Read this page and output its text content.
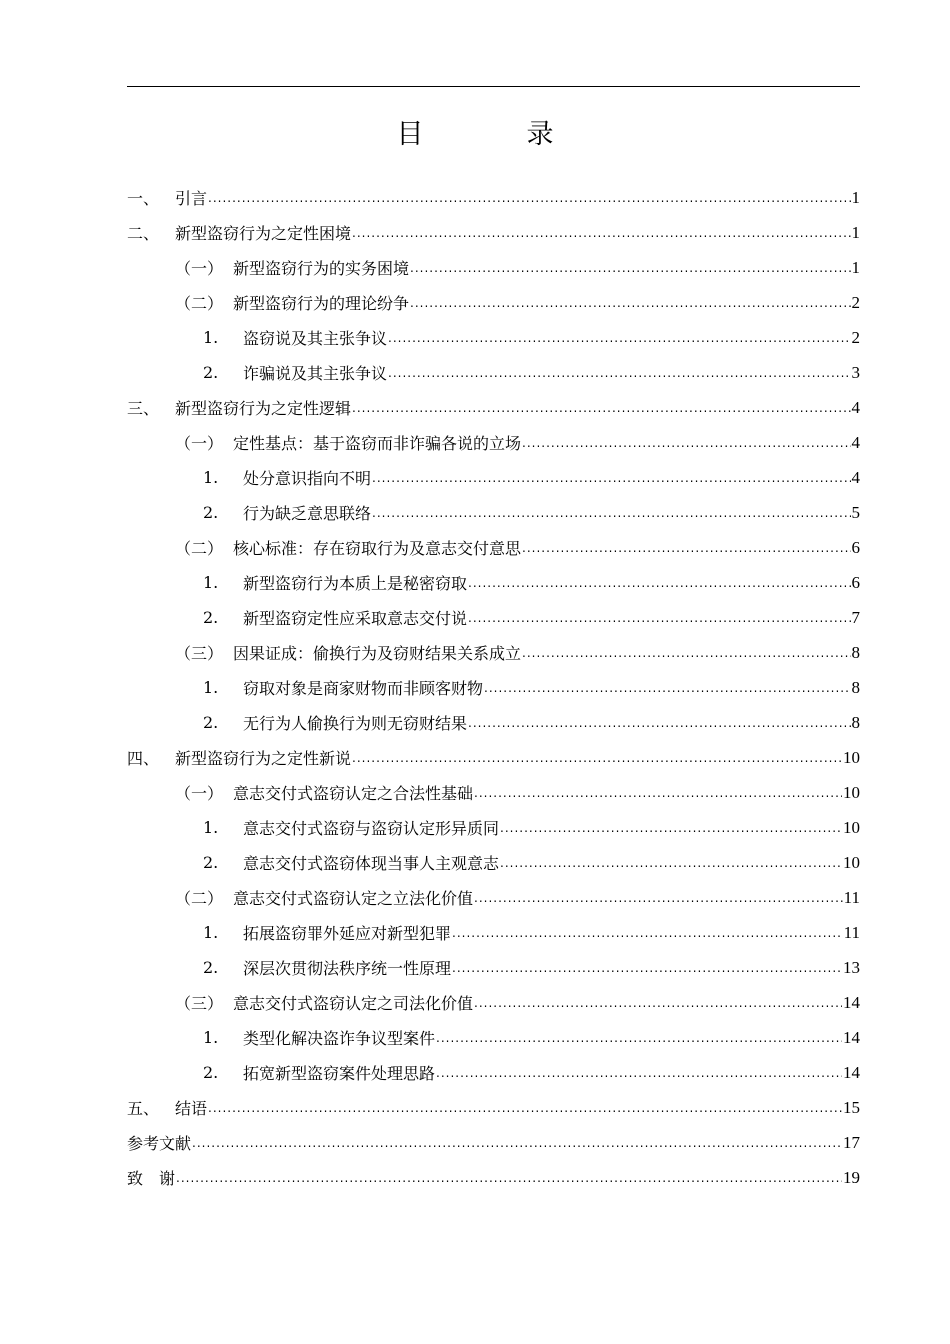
目　录
一、 引言 .....	1
二、 新型盗窃行为之定性困境 .....	1
（一） 新型盗窃行为的实务困境 .....	1
（二） 新型盗窃行为的理论纷争 .....	2
1.	盗窃说及其主张争议 .....	2
2.	诈骗说及其主张争议 .....	3
三、 新型盗窃行为之定性逻辑 .....	4
（一） 定性基点：基于盗窃而非诈骗各说的立场 .....	4
1.	处分意识指向不明 .....	4
2.	行为缺乏意思联络 .....	5
（二） 核心标准：存在窃取行为及意志交付意思 .....	6
1.	新型盗窃行为本质上是秘密窃取 .....	6
2.	新型盗窃定性应采取意志交付说 .....	7
（三） 因果证成：偷换行为及窃财结果关系成立 .....	8
1.	窃取对象是商家财物而非顾客财物 .....	8
2.	无行为人偷换行为则无窃财结果 .....	8
四、 新型盗窃行为之定性新说 .....	10
（一） 意志交付式盗窃认定之合法性基础 .....	10
1.	意志交付式盗窃与盗窃认定形异质同 .....	10
2.	意志交付式盗窃体现当事人主观意志 .....	10
（二） 意志交付式盗窃认定之立法化价值 .....	11
1.	拓展盗窃罪外延应对新型犯罪 .....	11
2.	深层次贯彻法秩序统一性原理 .....	13
（三） 意志交付式盗窃认定之司法化价值 .....	14
1.	类型化解决盗诈争议型案件 .....	14
2.	拓宽新型盗窃案件处理思路 .....	14
五、 结语 .....	15
参考文献 .....	17
致　谢 .....	19
